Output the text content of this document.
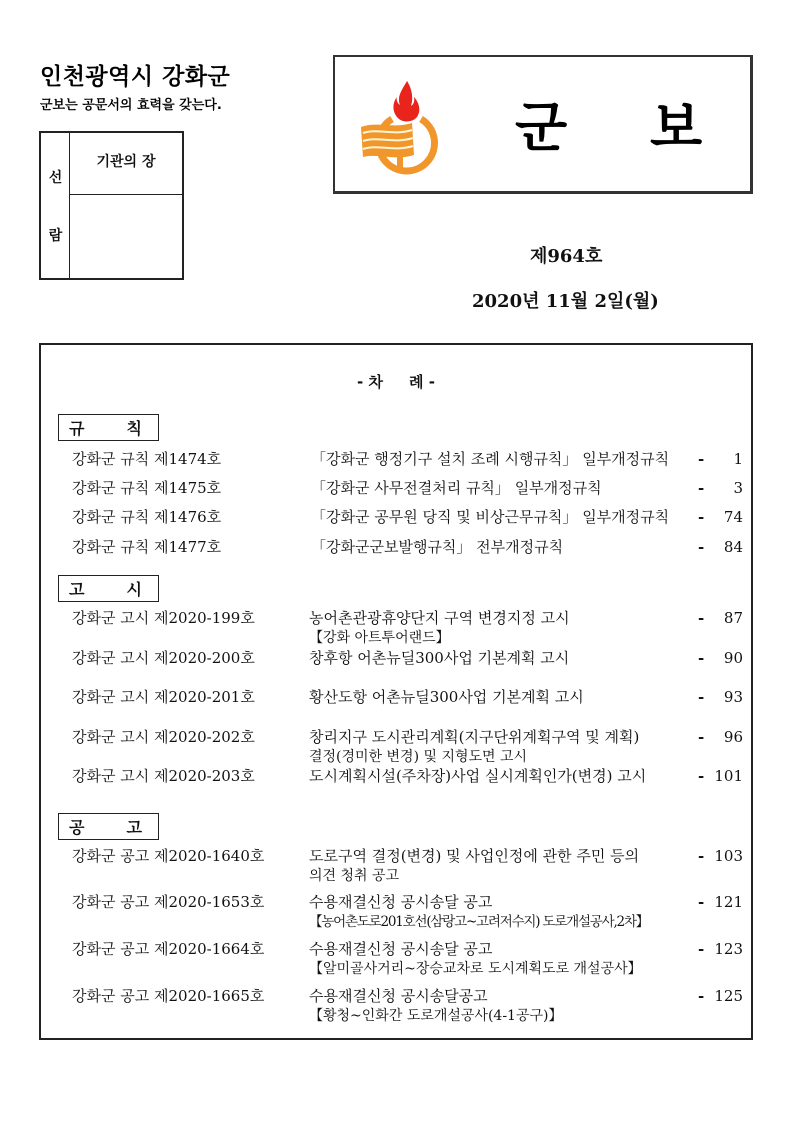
인천광역시 강화군
군보는 공문서의 효력을 갖는다.
선
람
기관의 장
군 보
제964호
2020년 11월 2일(월)
- 차     례 -
규	칙
강화군 규칙 제1474호	「강화군 행정기구 설치 조례 시행규칙」 일부개정규칙 - 1
강화군 규칙 제1475호	「강화군 사무전결처리 규칙」 일부개정규칙	- 3
강화군 규칙 제1476호	「강화군 공무원 당직 및 비상근무규칙」 일부개정규칙 - 74
강화군 규칙 제1477호	「강화군군보발행규칙」 전부개정규칙	- 84
고	시
강화군 고시 제2020-199호	농어촌관광휴양단지 구역 변경지정 고시
【강화 아트투어랜드】
- 87
강화군 고시 제2020-200호	창후항 어촌뉴딜300사업 기본계획 고시	- 90
강화군 고시 제2020-201호	황산도항 어촌뉴딜300사업 기본계획 고시	- 93
강화군 고시 제2020-202호	창리지구 도시관리계획(지구단위계획구역 및 계획)
결정(경미한 변경) 및 지형도면 고시
- 96
강화군 고시 제2020-203호	도시계획시설(주차장)사업 실시계획인가(변경) 고시	- 101
공	고
강화군 공고 제2020-1640호	도로구역 결정(변경) 및 사업인정에 관한 주민 등의
의견 청취 공고
- 103
강화군 공고 제2020-1653호	수용재결신청 공시송달 공고
【농어촌도로201호선(삼랑고~고려저수지) 도로개설공사,2차】
- 121
강화군 공고 제2020-1664호	수용재결신청 공시송달 공고
【알미골사거리~장승교차로 도시계획도로 개설공사】
- 123
강화군 공고 제2020-1665호	수용재결신청 공시송달공고
【황청~인화간 도로개설공사(4-1공구)】
- 125
